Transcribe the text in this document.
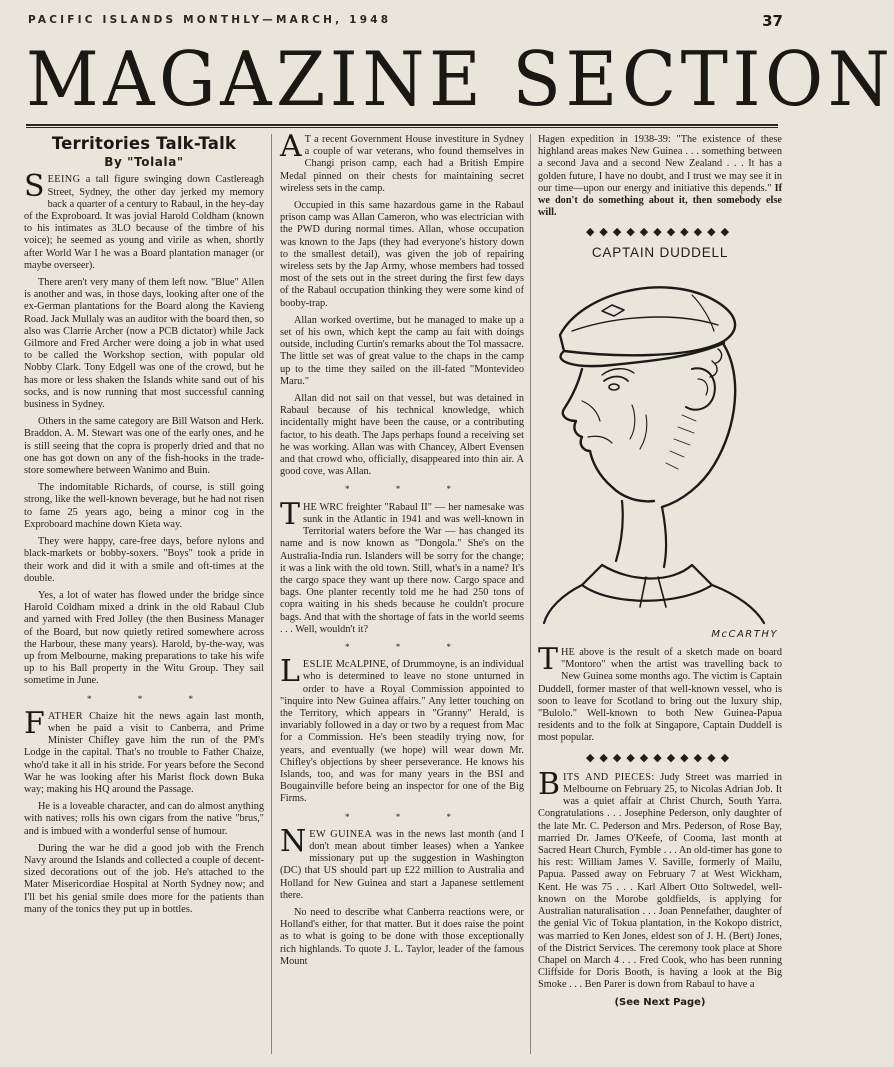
PACIFIC ISLANDS MONTHLY—MARCH, 1948	37
MAGAZINE SECTION
Territories Talk-Talk
By "Tolala"

SEEING a tall figure swinging down Castlereagh Street, Sydney, the other day jerked my memory back a quarter of a century to Rabaul, in the hey-day of the Exproboard. It was jovial Harold Coldham (known to his intimates as 3LO because of the timbre of his voice); he seemed as young and virile as when, shortly after World War I he was a Board plantation manager (or maybe overseer).

There aren't very many of them left now. "Blue" Allen is another and was, in those days, looking after one of the ex-German plantations for the Board along the Kavieng Road. Jack Mullaly was an auditor with the board then, so also was Clarrie Archer (now a PCB dictator) while Jack Gilmore and Fred Archer were doing a job in what used to be called the Workshop section, with popular old Nobby Clark. Tony Edgell was one of the crowd, but he has more or less shaken the Islands white sand out of his socks, and is now running that most successful canning business in Sydney.

Others in the same category are Bill Watson and Herk. Braddon. A. M. Stewart was one of the early ones, and he is still seeing that the copra is properly dried and that no one has got down on any of the fish-hooks in the trade-store somewhere between Wanimo and Buin.

The indomitable Richards, of course, is still going strong, like the well-known beverage, but he had not risen to fame 25 years ago, being a minor cog in the Exproboard machine down Kieta way.

They were happy, care-free days, before nylons and black-markets or bobby-soxers. "Boys" took a pride in their work and did it with a smile and oft-times at the double.

Yes, a lot of water has flowed under the bridge since Harold Coldham mixed a drink in the old Rabaul Club and yarned with Fred Jolley (the then Business Manager of the Board, but now quietly retired somewhere across the Harbour, these many years). Harold, by-the-way, was up from Melbourne, making preparations to take his wife up to his Ball property in the Witu Group. They sail sometime in June.

* * *

FATHER Chaize hit the news again last month, when he paid a visit to Canberra, and Prime Minister Chifley gave him the run of the PM's Lodge in the capital. That's no trouble to Father Chaize, who'd take it all in his stride. For years before the Second War he was looking after his Marist flock down Buka way; making his HQ around the Passage.

He is a loveable character, and can do almost anything with natives; rolls his own cigars from the native "brus," and is imbued with a wonderful sense of humour.

During the war he did a good job with the French Navy around the Islands and collected a couple of decent-sized decorations out of the job. He's attached to the Mater Misericordiae Hospital at North Sydney now; and I'll bet his genial smile does more for the patients than many of the tonics they put up in bottles.

A T a recent Government House investiture in Sydney a couple of war veterans, who found themselves in Changi prison camp, each had a British Empire Medal pinned on their chests for maintaining secret wireless sets in the camp.

Occupied in this same hazardous game in the Rabaul prison camp was Allan Cameron, who was electrician with the PWD during normal times. Allan, whose occupation was known to the Japs (they had everyone's history down to the smallest detail), was given the job of repairing wireless sets by the Jap Army, whose members had tossed most of the sets out in the street during the first few days of the Rabaul occupation thinking they were some kind of booby-trap.

Allan worked overtime, but he managed to make up a set of his own, which kept the camp au fait with doings outside, including Curtin's remarks about the Tol massacre. The little set was of great value to the chaps in the camp up to the time they sailed on the ill-fated "Montevideo Maru."

Allan did not sail on that vessel, but was detained in Rabaul because of his technical knowledge, which incidentally might have been the cause, or a contributing factor, to his death. The Japs perhaps found a receiving set he was working. Allan was with Chancey, Albert Evensen and that crowd who, officially, disappeared into thin air. A good cove, was Allan.

* * *

THE WRC freighter "Rabaul II" — her namesake was sunk in the Atlantic in 1941 and was well-known in Territorial waters before the War — has changed its name and is now known as "Dongola." She's on the Australia-India run. Islanders will be sorry for the change; it was a link with the old town. Still, what's in a name? It's the cargo space they want up there now. Cargo space and bags. One planter recently told me he had 250 tons of copra waiting in his sheds because he couldn't procure bags. And that with the shortage of fats in the world seems . . . Well, wouldn't it?

* * *

LESLIE McALPINE, of Drummoyne, is an individual who is determined to leave no stone unturned in order to have a Royal Commission appointed to "inquire into New Guinea affairs." Any letter touching on the Territory, which appears in "Granny" Herald, is invariably followed in a day or two by a request from Mac for a Commission. He's been steadily trying now, for years, and eventually (we hope) will wear down Mr. Chifley's objections by sheer perseverance. He knows his Islands, too, and was for many years in the BSI and Bougainville before being an inspector for one of the Big Firms.

* * *

NEW GUINEA was in the news last month (and I don't mean about timber leases) when a Yankee missionary put up the suggestion in Washington (DC) that US should part up £22 million to Australia and Holland for New Guinea and start a Japanese settlement there.

No need to describe what Canberra reactions were, or Holland's either, for that matter. But it does raise the point as to what is going to be done with those exceptionally rich highlands. To quote J. L. Taylor, leader of the famous Mount

Hagen expedition in 1938-39: "The existence of these highland areas makes New Guinea . . . something between a second Java and a second New Zealand . . . It has a golden future, I have no doubt, and I trust we may see it in our time—upon our energy and initiative this depends." If we don't do something about it, then somebody else will.

◆◆◆◆◆◆◆◆◆◆◆
CAPTAIN DUDDELL
McCARTHY

THE above is the result of a sketch made on board "Montoro" when the artist was travelling back to New Guinea some months ago. The victim is Captain Duddell, former master of that well-known vessel, who is soon to leave for Scotland to bring out the luxury ship, "Bulolo." Well-known to both New Guinea-Papua residents and to the folk at Singapore, Captain Duddell is most popular.

◆◆◆◆◆◆◆◆◆◆◆

BITS AND PIECES: Judy Street was married in Melbourne on February 25, to Nicolas Adrian Job. It was a quiet affair at Christ Church, South Yarra. Congratulations . . . Josephine Pederson, only daughter of the late Mr. C. Pederson and Mrs. Pederson, of Rose Bay, married Dr. James O'Keefe, of Cooma, last month at Sacred Heart Church, Fymble . . . An old-timer has gone to his rest: William James V. Saville, formerly of Mailu, Papua. Passed away on February 7 at West Wickham, Kent. He was 75 . . . Karl Albert Otto Soltwedel, well-known on the Morobe goldfields, is applying for Australian naturalisation . . . Joan Pennefather, daughter of the genial Vic of Tokua plantation, in the Kokopo district, was married to Ken Jones, eldest son of J. H. (Bert) Jones, of the District Services. The ceremony took place at Shore Chapel on March 4 . . . Fred Cook, who has been running Cliffside for Doris Booth, is having a look at the Big Smoke . . . Ben Parer is down from Rabaul to have a

(See Next Page)
